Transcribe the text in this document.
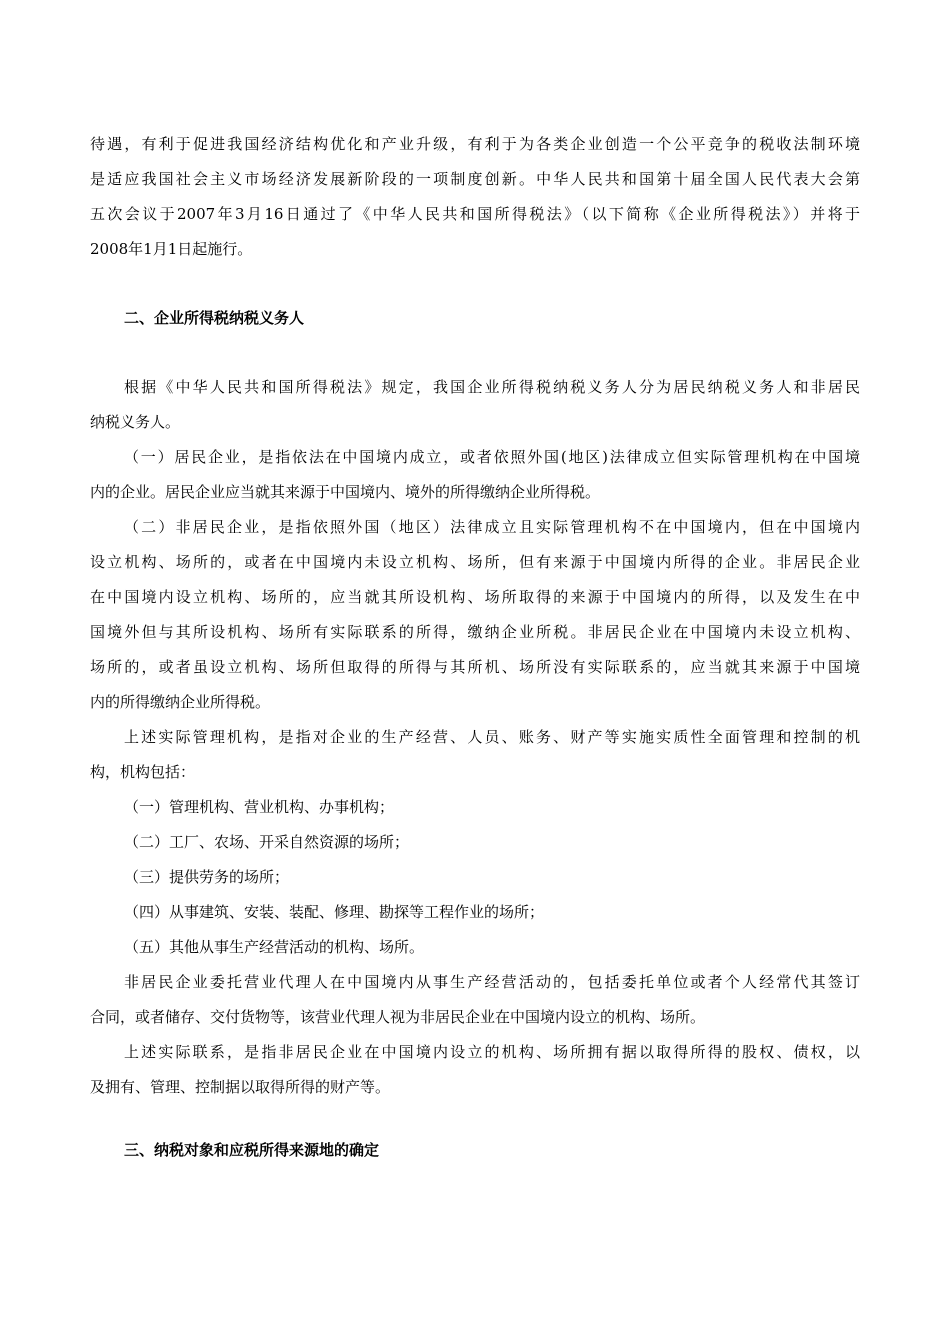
待遇，有利于促进我国经济结构优化和产业升级，有利于为各类企业创造一个公平竞争的税收法制环境
是适应我国社会主义市场经济发展新阶段的一项制度创新。中华人民共和国第十届全国人民代表大会第
五次会议于2007年3月16日通过了《中华人民共和国所得税法》（以下简称《企业所得税法》）并将于
2008年1月1日起施行。
二、企业所得税纳税义务人
根据《中华人民共和国所得税法》规定，我国企业所得税纳税义务人分为居民纳税义务人和非居民
纳税义务人。
（一）居民企业，是指依法在中国境内成立，或者依照外国(地区)法律成立但实际管理机构在中国境
内的企业。居民企业应当就其来源于中国境内、境外的所得缴纳企业所得税。
（二）非居民企业，是指依照外国（地区）法律成立且实际管理机构不在中国境内，但在中国境内
设立机构、场所的，或者在中国境内未设立机构、场所，但有来源于中国境内所得的企业。非居民企业
在中国境内设立机构、场所的，应当就其所设机构、场所取得的来源于中国境内的所得，以及发生在中
国境外但与其所设机构、场所有实际联系的所得，缴纳企业所税。非居民企业在中国境内未设立机构、
场所的，或者虽设立机构、场所但取得的所得与其所机、场所没有实际联系的，应当就其来源于中国境
内的所得缴纳企业所得税。
上述实际管理机构，是指对企业的生产经营、人员、账务、财产等实施实质性全面管理和控制的机
构，机构包括：
（一）管理机构、营业机构、办事机构；
（二）工厂、农场、开采自然资源的场所；
（三）提供劳务的场所；
（四）从事建筑、安装、装配、修理、勘探等工程作业的场所；
（五）其他从事生产经营活动的机构、场所。
非居民企业委托营业代理人在中国境内从事生产经营活动的，包括委托单位或者个人经常代其签订
合同，或者储存、交付货物等，该营业代理人视为非居民企业在中国境内设立的机构、场所。
上述实际联系，是指非居民企业在中国境内设立的机构、场所拥有据以取得所得的股权、债权，以
及拥有、管理、控制据以取得所得的财产等。
三、纳税对象和应税所得来源地的确定
